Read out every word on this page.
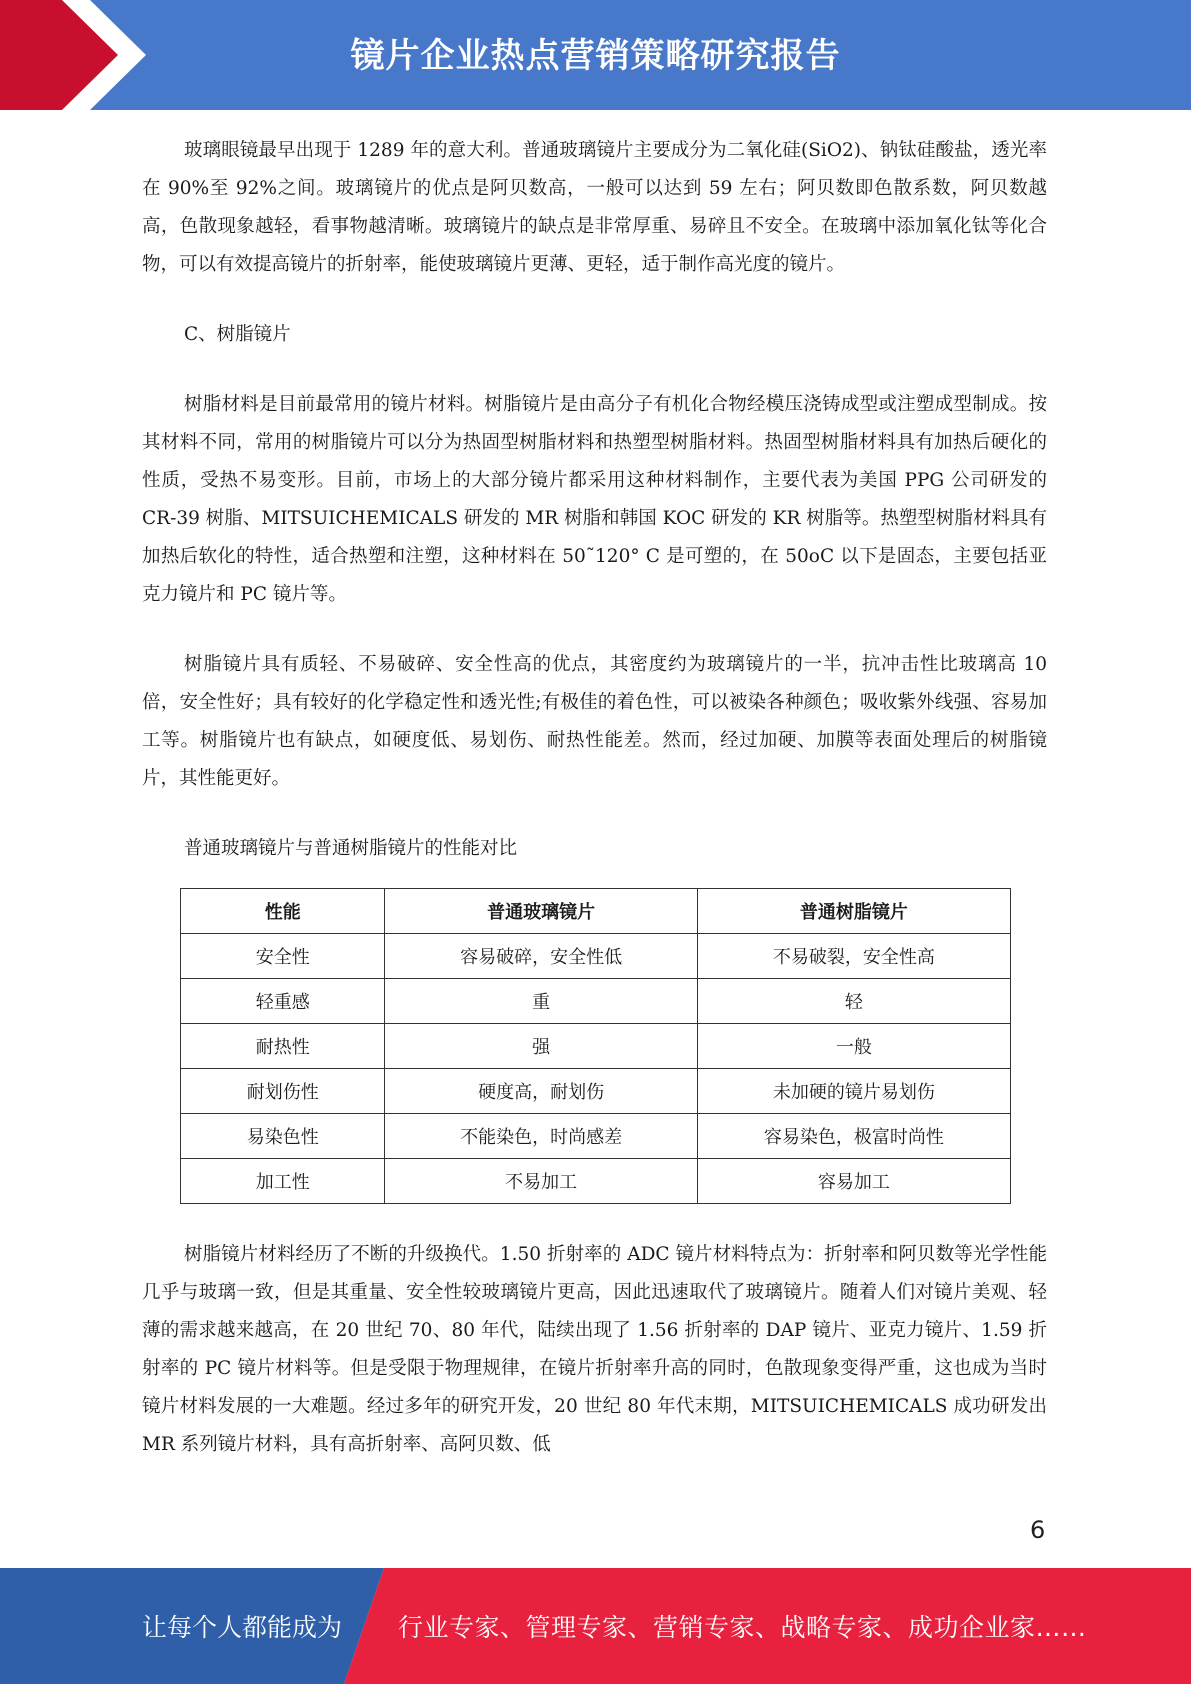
镜片企业热点营销策略研究报告

玻璃眼镜最早出现于 1289 年的意大利。普通玻璃镜片主要成分为二氧化硅(SiO2)、钠钛硅酸盐，透光率在 90%至 92%之间。玻璃镜片的优点是阿贝数高，一般可以达到 59 左右；阿贝数即色散系数，阿贝数越高，色散现象越轻，看事物越清晰。玻璃镜片的缺点是非常厚重、易碎且不安全。在玻璃中添加氧化钛等化合物，可以有效提高镜片的折射率，能使玻璃镜片更薄、更轻，适于制作高光度的镜片。

C、树脂镜片

树脂材料是目前最常用的镜片材料。树脂镜片是由高分子有机化合物经模压浇铸成型或注塑成型制成。按其材料不同，常用的树脂镜片可以分为热固型树脂材料和热塑型树脂材料。热固型树脂材料具有加热后硬化的性质，受热不易变形。目前，市场上的大部分镜片都采用这种材料制作，主要代表为美国 PPG 公司研发的 CR-39 树脂、MITSUICHEMICALS 研发的 MR 树脂和韩国 KOC 研发的 KR 树脂等。热塑型树脂材料具有加热后软化的特性，适合热塑和注塑，这种材料在 50˜120° C 是可塑的，在 50oC 以下是固态，主要包括亚克力镜片和 PC 镜片等。

树脂镜片具有质轻、不易破碎、安全性高的优点，其密度约为玻璃镜片的一半，抗冲击性比玻璃高 10 倍，安全性好；具有较好的化学稳定性和透光性;有极佳的着色性，可以被染各种颜色；吸收紫外线强、容易加工等。树脂镜片也有缺点，如硬度低、易划伤、耐热性能差。然而，经过加硬、加膜等表面处理后的树脂镜片，其性能更好。

普通玻璃镜片与普通树脂镜片的性能对比

性能	普通玻璃镜片	普通树脂镜片
安全性	容易破碎，安全性低	不易破裂，安全性高
轻重感	重	轻
耐热性	强	一般
耐划伤性	硬度高，耐划伤	未加硬的镜片易划伤
易染色性	不能染色，时尚感差	容易染色，极富时尚性
加工性	不易加工	容易加工

树脂镜片材料经历了不断的升级换代。1.50 折射率的 ADC 镜片材料特点为：折射率和阿贝数等光学性能几乎与玻璃一致，但是其重量、安全性较玻璃镜片更高，因此迅速取代了玻璃镜片。随着人们对镜片美观、轻薄的需求越来越高，在 20 世纪 70、80 年代，陆续出现了 1.56 折射率的 DAP 镜片、亚克力镜片、1.59 折射率的 PC 镜片材料等。但是受限于物理规律，在镜片折射率升高的同时，色散现象变得严重，这也成为当时镜片材料发展的一大难题。经过多年的研究开发，20 世纪 80 年代末期，MITSUICHEMICALS 成功研发出 MR 系列镜片材料，具有高折射率、高阿贝数、低

6
让每个人都能成为 行业专家、管理专家、营销专家、战略专家、成功企业家……
